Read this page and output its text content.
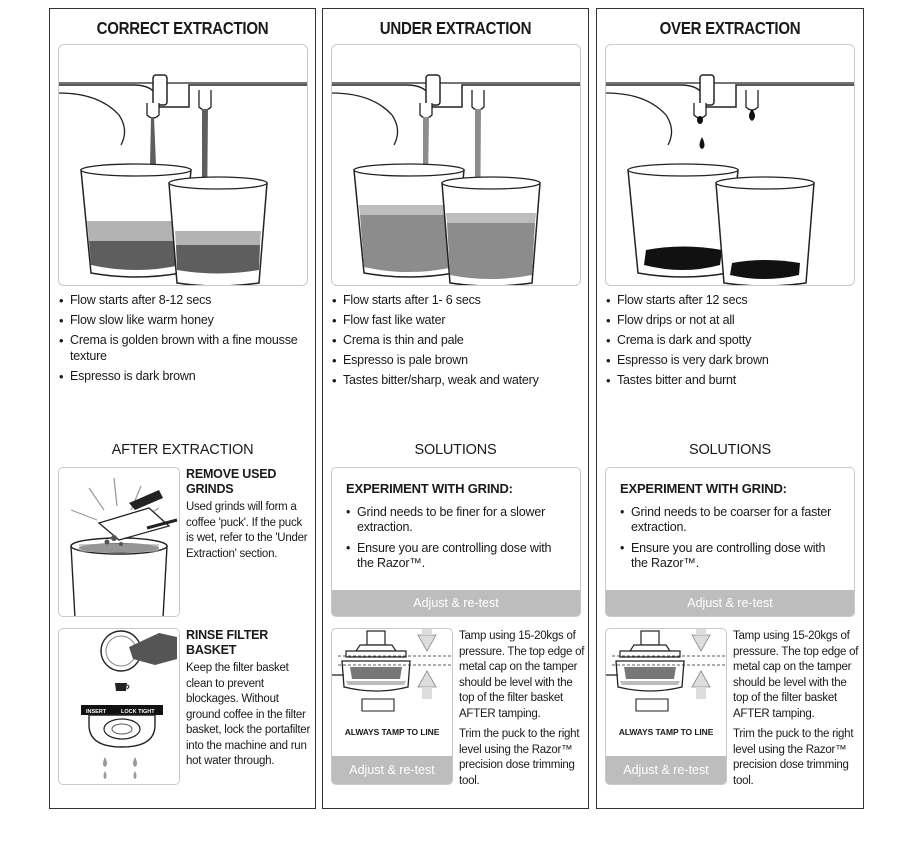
CORRECT EXTRACTION
• Flow starts after 8-12 secs
• Flow slow like warm honey
• Crema is golden brown with a fine mousse texture
• Espresso is dark brown
AFTER EXTRACTION
REMOVE USED GRINDS
Used grinds will form a coffee 'puck'. If the puck is wet, refer to the 'Under Extraction' section.
INSERT	LOCK TIGHT
RINSE FILTER BASKET
Keep the filter basket clean to prevent blockages. Without ground coffee in the filter basket, lock the portafilter into the machine and run hot water through.
UNDER EXTRACTION
• Flow starts after 1- 6 secs
• Flow fast like water
• Crema is thin and pale
• Espresso is pale brown
• Tastes bitter/sharp, weak and watery
SOLUTIONS
EXPERIMENT WITH GRIND:
• Grind needs to be finer for a slower extraction.
• Ensure you are controlling dose with the Razor™.
Adjust & re-test
ALWAYS TAMP TO LINE
Adjust & re-test

Tamp using 15-20kgs of pressure. The top edge of metal cap on the tamper should be level with the top of the filter basket AFTER tamping.

Trim the puck to the right level using the Razor™ precision dose trimming tool.

OVER EXTRACTION
• Flow starts after 12 secs
• Flow drips or not at all
• Crema is dark and spotty
• Espresso is very dark brown
• Tastes bitter and burnt
SOLUTIONS
EXPERIMENT WITH GRIND:
• Grind needs to be coarser for a faster extraction.
• Ensure you are controlling dose with the Razor™.
Adjust & re-test
ALWAYS TAMP TO LINE
Adjust & re-test

Tamp using 15-20kgs of pressure. The top edge of metal cap on the tamper should be level with the top of the filter basket AFTER tamping.

Trim the puck to the right level using the Razor™ precision dose trimming tool.
